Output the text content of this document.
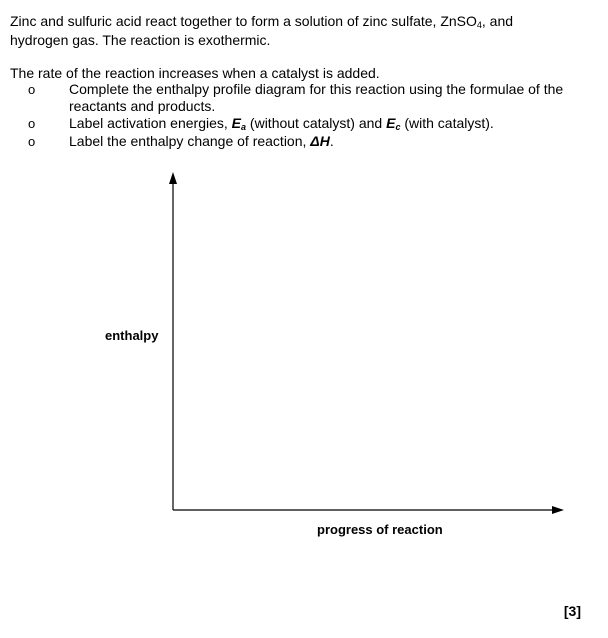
Zinc and sulfuric acid react together to form a solution of zinc sulfate, ZnSO$_4$, and
hydrogen gas. The reaction is exothermic.
The rate of the reaction increases when a catalyst is added.
o Complete the enthalpy profile diagram for this reaction using the formulae of the
reactants and products.
o Label activation energies, $E_a$ (without catalyst) and $E_c$ (with catalyst).
o Label the enthalpy change of reaction, ΔH.
enthalpy
progress of reaction
[3]
